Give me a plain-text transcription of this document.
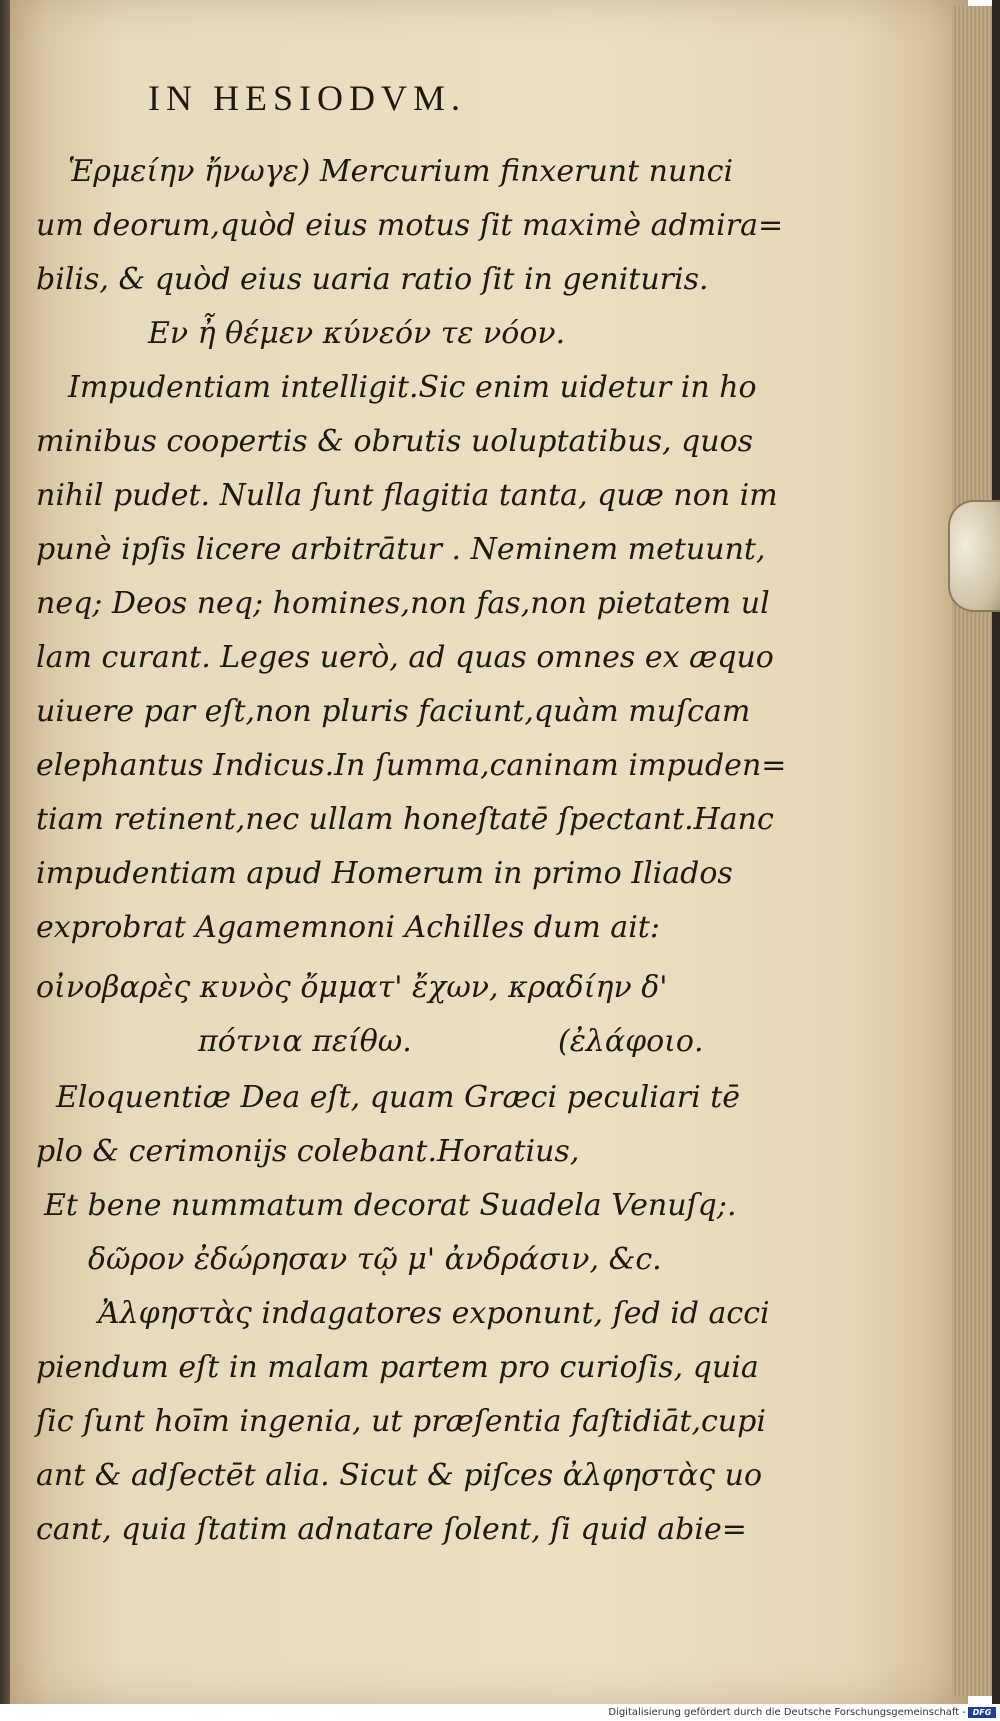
IN HESIODVM.
Ἑρμείην ἤνωγε) Mercurium finxerunt nunci
um deorum,quòd eius motus ſit maximè admira=
bilis, & quòd eius uaria ratio ſit in genituris.
Εν ἦ θέμεν κύνεόν τε νόον.
Impudentiam intelligit.Sic enim uidetur in ho
minibus coopertis & obrutis uoluptatibus, quos
nihil pudet. Nulla ſunt flagitia tanta, quæ non im
punè ipſis licere arbitrātur . Neminem metuunt,
neq; Deos neq; homines,non fas,non pietatem ul
lam curant. Leges uerò, ad quas omnes ex æquo
uiuere par eſt,non pluris faciunt,quàm muſcam
elephantus Indicus.In ſumma,caninam impuden=
tiam retinent,nec ullam honeſtatē ſpectant.Hanc
impudentiam apud Homerum in primo Iliados
exprobrat Agamemnoni Achilles dum ait:
οἰνοβαρὲς κυνὸς ὄμματ' ἔχων, κραδίην δ'
πότνια πείθω.	(ἐλάφοιο.
Eloquentiæ Dea eſt, quam Græci peculiari tē
plo & cerimonijs colebant.Horatius,
Et bene nummatum decorat Suadela Venuſq;.
δῶρον ἐδώρησαν τῷ μ' ἀνδράσιν, &c.
Ἀλφηστὰς indagatores exponunt, ſed id acci
piendum eſt in malam partem pro curioſis, quia
ſic ſunt hoīm ingenia, ut præſentia faſtidiāt,cupi
ant & adſectēt alia. Sicut & piſces ἀλφηστὰς uo
cant, quia ſtatim adnatare ſolent, ſi quid abie=
Digitalisierung gefördert durch die Deutsche Forschungsgemeinschaft - DFG
